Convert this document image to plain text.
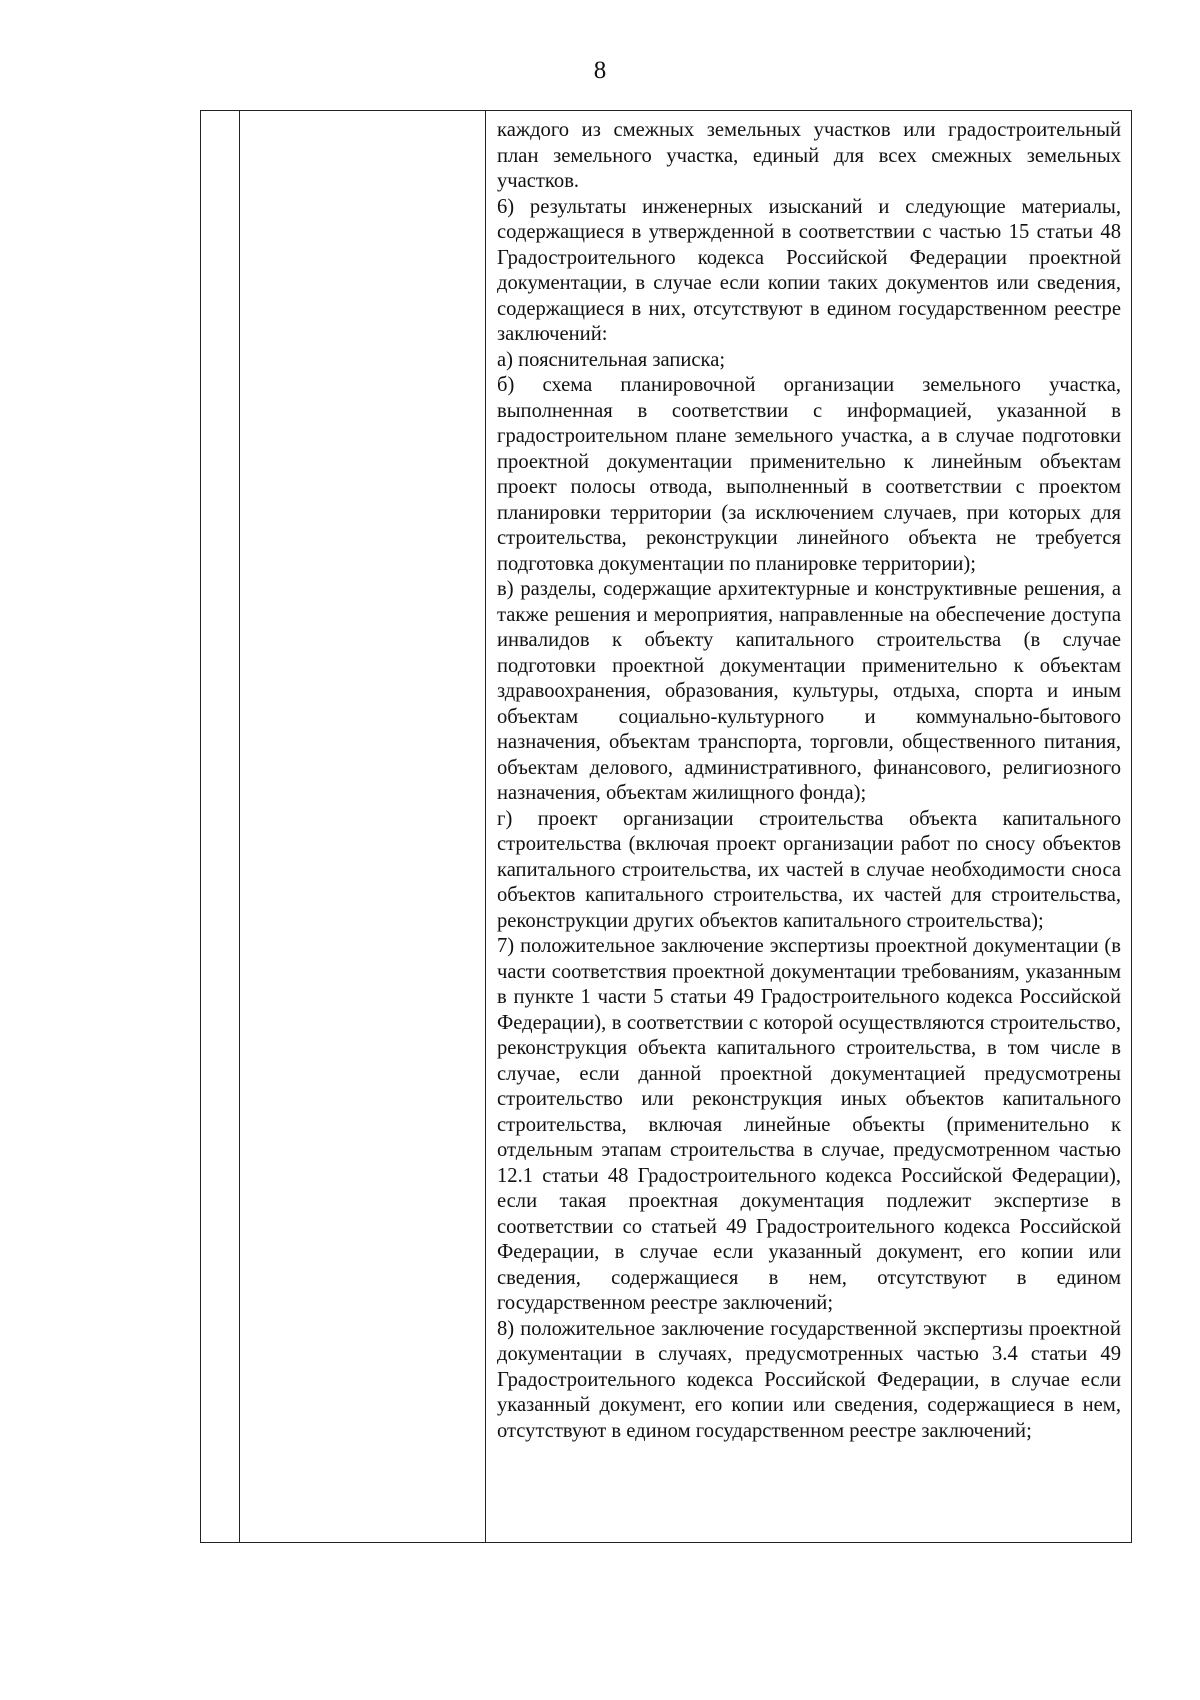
8

каждого из смежных земельных участков или градостроительный план земельного участка, единый для всех смежных земельных участков.

6) результаты инженерных изысканий и следующие материалы, содержащиеся в утвержденной в соответствии с частью 15 статьи 48 Градостроительного кодекса Российской Федерации проектной документации, в случае если копии таких документов или сведения, содержащиеся в них, отсутствуют в едином государственном реестре заключений:

а) пояснительная записка;

б) схема планировочной организации земельного участка, выполненная в соответствии с информацией, указанной в градостроительном плане земельного участка, а в случае подготовки проектной документации применительно к линейным объектам проект полосы отвода, выполненный в соответствии с проектом планировки территории (за исключением случаев, при которых для строительства, реконструкции линейного объекта не требуется подготовка документации по планировке территории);

в) разделы, содержащие архитектурные и конструктивные решения, а также решения и мероприятия, направленные на обеспечение доступа инвалидов к объекту капитального строительства (в случае подготовки проектной документации применительно к объектам здравоохранения, образования, культуры, отдыха, спорта и иным объектам социально-культурного и коммунально-бытового назначения, объектам транспорта, торговли, общественного питания, объектам делового, административного, финансового, религиозного назначения, объектам жилищного фонда);

г) проект организации строительства объекта капитального строительства (включая проект организации работ по сносу объектов капитального строительства, их частей в случае необходимости сноса объектов капитального строительства, их частей для строительства, реконструкции других объектов капитального строительства);

7) положительное заключение экспертизы проектной документации (в части соответствия проектной документации требованиям, указанным в пункте 1 части 5 статьи 49 Градостроительного кодекса Российской Федерации), в соответствии с которой осуществляются строительство, реконструкция объекта капитального строительства, в том числе в случае, если данной проектной документацией предусмотрены строительство или реконструкция иных объектов капитального строительства, включая линейные объекты (применительно к отдельным этапам строительства в случае, предусмотренном частью 12.1 статьи 48 Градостроительного кодекса Российской Федерации), если такая проектная документация подлежит экспертизе в соответствии со статьей 49 Градостроительного кодекса Российской Федерации, в случае если указанный документ, его копии или сведения, содержащиеся в нем, отсутствуют в едином государственном реестре заключений;

8) положительное заключение государственной экспертизы проектной документации в случаях, предусмотренных частью 3.4 статьи 49 Градостроительного кодекса Российской Федерации, в случае если указанный документ, его копии или сведения, содержащиеся в нем, отсутствуют в едином государственном реестре заключений;
